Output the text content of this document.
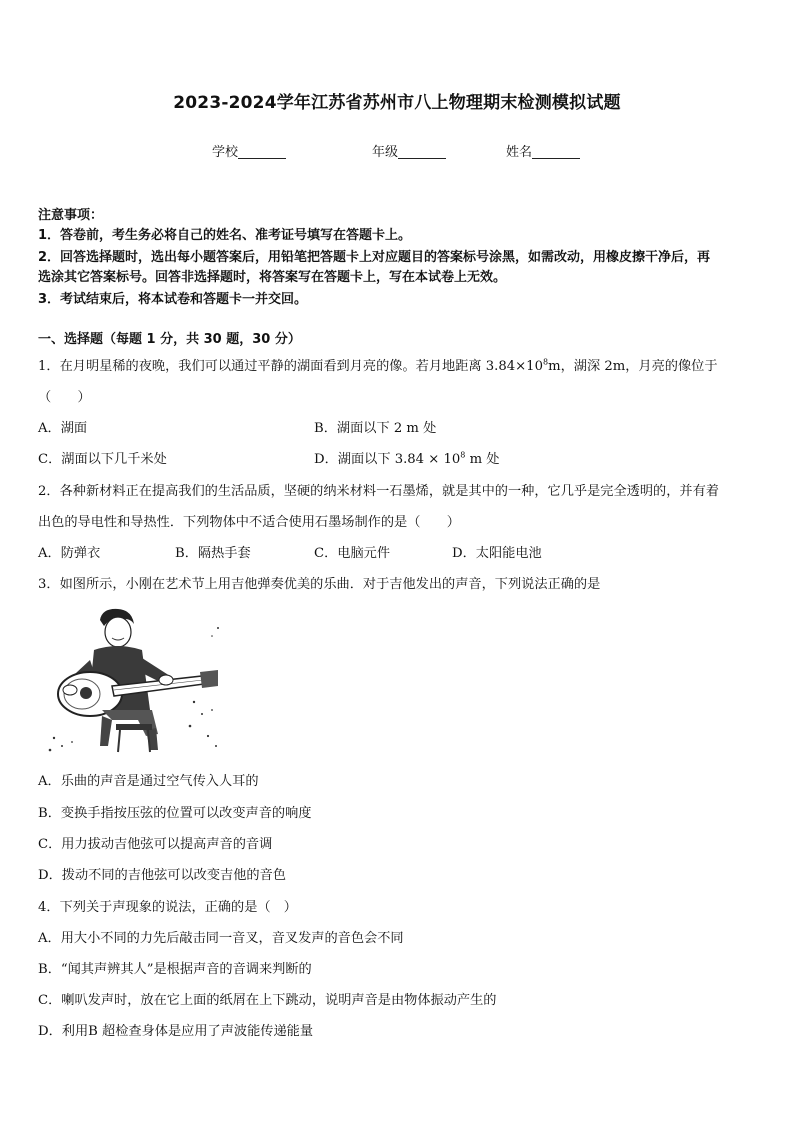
2023-2024学年江苏省苏州市八上物理期末检测模拟试题
学校	年级	姓名
注意事项：
1．答卷前，考生务必将自己的姓名、准考证号填写在答题卡上。
2．回答选择题时，选出每小题答案后，用铅笔把答题卡上对应题目的答案标号涂黑，如需改动，用橡皮擦干净后，再
选涂其它答案标号。回答非选择题时，将答案写在答题卡上，写在本试卷上无效。
3．考试结束后，将本试卷和答题卡一并交回。
一、选择题（每题 1 分，共 30 题，30 分）
1．在月明星稀的夜晚，我们可以通过平静的湖面看到月亮的像。若月地距离 $3.84\times 10^8m$，湖深 2m，月亮的像位于
（　　）
A．湖面	B．湖面以下 2 m 处
C．湖面以下几千米处	D．湖面以下 $3.84 \times 10^8$ m 处
2．各种新材料正在提高我们的生活品质，坚硬的纳米材料一石墨烯，就是其中的一种，它几乎是完全透明的，并有着
出色的导电性和导热性．下列物体中不适合使用石墨场制作的是（　　）
A．防弹衣	B．隔热手套	C．电脑元件	D．太阳能电池
3．如图所示，小刚在艺术节上用吉他弹奏优美的乐曲．对于吉他发出的声音，下列说法正确的是
A．乐曲的声音是通过空气传入人耳的
B．变换手指按压弦的位置可以改变声音的响度
C．用力拔动吉他弦可以提高声音的音调
D．拨动不同的吉他弦可以改变吉他的音色
4．下列关于声现象的说法，正确的是（　）
A．用大小不同的力先后敲击同一音叉，音叉发声的音色会不同
B．“闻其声辨其人”是根据声音的音调来判断的
C．喇叭发声时，放在它上面的纸屑在上下跳动，说明声音是由物体振动产生的
D．利用B 超检查身体是应用了声波能传递能量
